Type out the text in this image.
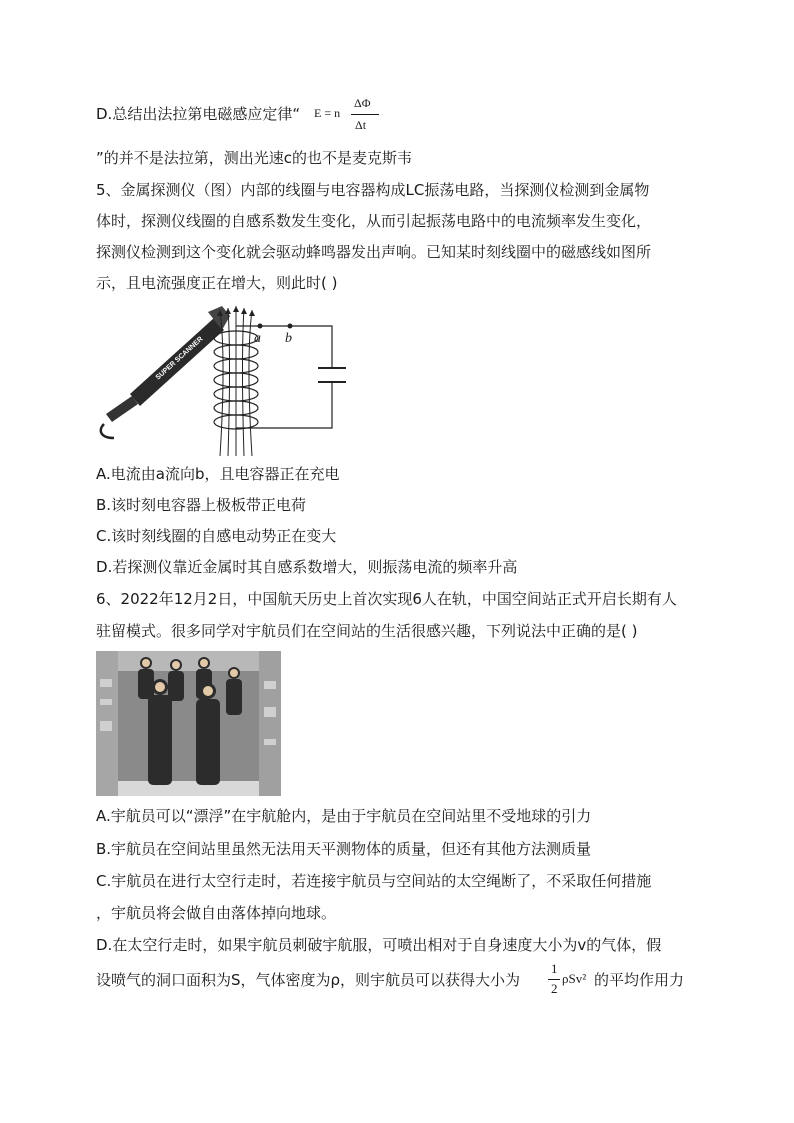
D.总结出法拉第电磁感应定律“ E = n
ΔΦ
Δt
”的并不是法拉第，测出光速c的也不是麦克斯韦
5、金属探测仪（图）内部的线圈与电容器构成LC振荡电路，当探测仪检测到金属物
体时，探测仪线圈的自感系数发生变化，从而引起振荡电路中的电流频率发生变化，
探测仪检测到这个变化就会驱动蜂鸣器发出声响。已知某时刻线圈中的磁感线如图所
示，且电流强度正在增大，则此时( )
SUPER SCANNER	a b
A.电流由a流向b，且电容器正在充电
B.该时刻电容器上极板带正电荷
C.该时刻线圈的自感电动势正在变大
D.若探测仪靠近金属时其自感系数增大，则振荡电流的频率升高
6、2022年12月2日，中国航天历史上首次实现6人在轨，中国空间站正式开启长期有人
驻留模式。很多同学对宇航员们在空间站的生活很感兴趣，下列说法中正确的是( )
A.宇航员可以“漂浮”在宇航舱内，是由于宇航员在空间站里不受地球的引力
B.宇航员在空间站里虽然无法用天平测物体的质量，但还有其他方法测质量
C.宇航员在进行太空行走时，若连接宇航员与空间站的太空绳断了，不采取任何措施
，宇航员将会做自由落体掉向地球。
D.在太空行走时，如果宇航员刺破宇航服，可喷出相对于自身速度大小为v的气体，假
设喷气的洞口面积为S，气体密度为ρ，则宇航员可以获得大小为
1
2
ρSv² 的平均作用力
